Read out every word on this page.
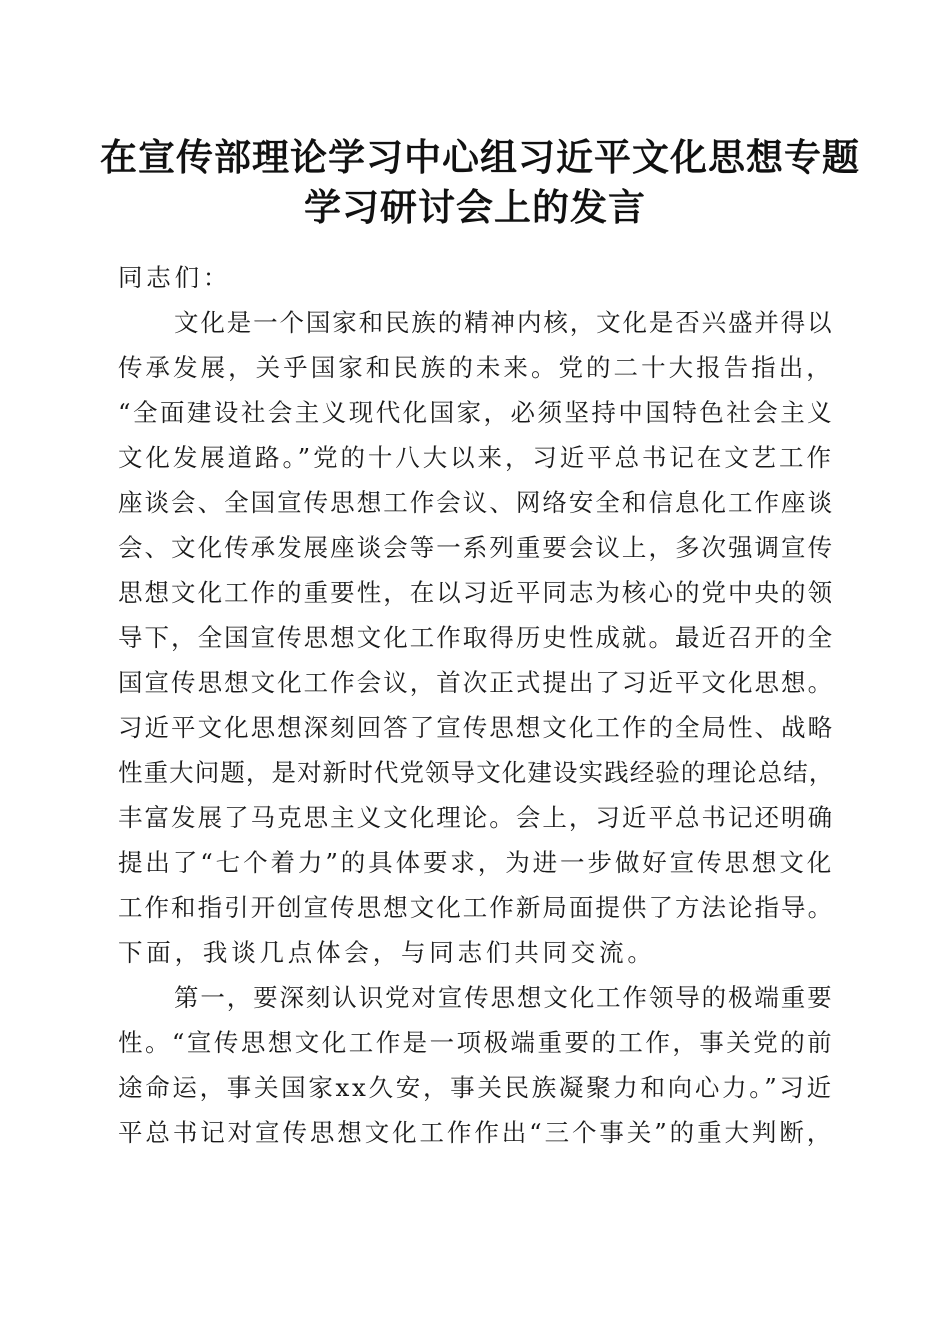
在宣传部理论学习中心组习近平文化思想专题
学习研讨会上的发言
同志们：
文化是一个国家和民族的精神内核，文化是否兴盛并得以
传承发展，关乎国家和民族的未来。党的二十大报告指出，
“全面建设社会主义现代化国家，必须坚持中国特色社会主义
文化发展道路。”党的十八大以来，习近平总书记在文艺工作
座谈会、全国宣传思想工作会议、网络安全和信息化工作座谈
会、文化传承发展座谈会等一系列重要会议上，多次强调宣传
思想文化工作的重要性，在以习近平同志为核心的党中央的领
导下，全国宣传思想文化工作取得历史性成就。最近召开的全
国宣传思想文化工作会议，首次正式提出了习近平文化思想。
习近平文化思想深刻回答了宣传思想文化工作的全局性、战略
性重大问题，是对新时代党领导文化建设实践经验的理论总结，
丰富发展了马克思主义文化理论。会上，习近平总书记还明确
提出了“七个着力”的具体要求，为进一步做好宣传思想文化
工作和指引开创宣传思想文化工作新局面提供了方法论指导。
下面，我谈几点体会，与同志们共同交流。
第一，要深刻认识党对宣传思想文化工作领导的极端重要
性。“宣传思想文化工作是一项极端重要的工作，事关党的前
途命运，事关国家xx久安，事关民族凝聚力和向心力。”习近
平总书记对宣传思想文化工作作出“三个事关”的重大判断，
